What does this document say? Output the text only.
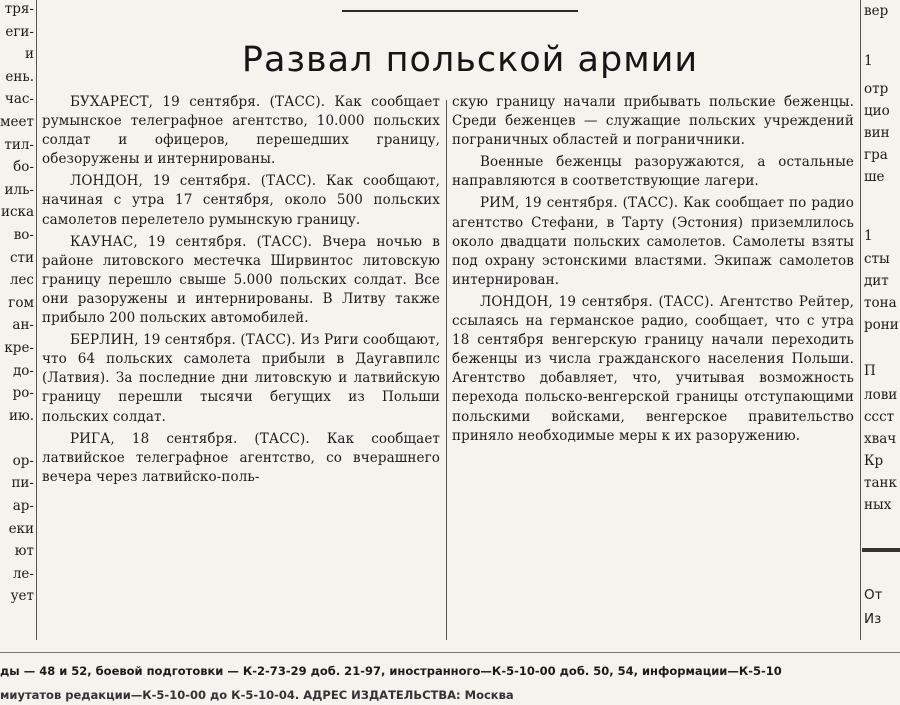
Развал польской армии
тря-
еги-
и
ень.
час-
меет
тил-
бо-
иль-
иска
во-
сти
лес
гом
ан-
кре-
до-
ро-
ию.

ор-
пи-
ар-
еки
ют
ле-
ует
вер
1
отр
цио
вин
гра
ше
1
сты
дит
тона
рони
П
лови
ссст
хвач
Кр
танк
ных
От
Из

БУХАРЕСТ, 19 сентября. (ТАСС). Как сообщает румынское телеграфное агентство, 10.000 польских солдат и офицеров, перешедших границу, обезоружены и интернированы.

ЛОНДОН, 19 сентября. (ТАСС). Как сообщают, начиная с утра 17 сентября, около 500 польских самолетов перелетело румынскую границу.

КАУНАС, 19 сентября. (ТАСС). Вчера ночью в районе литовского местечка Ширвинтос литовскую границу перешло свыше 5.000 польских солдат. Все они разоружены и интернированы. В Литву также прибыло 200 польских автомобилей.

БЕРЛИН, 19 сентября. (ТАСС). Из Риги сообщают, что 64 польских самолета прибыли в Даугавпилс (Латвия). За последние дни литовскую и латвийскую границу перешли тысячи бегущих из Польши польских солдат.

РИГА, 18 сентября. (ТАСС). Как сообщает латвийское телеграфное агентство, со вчерашнего вечера через латвийско-поль-

скую границу начали прибывать польские беженцы. Среди беженцев — служащие польских учреждений пограничных областей и пограничники.

Военные беженцы разоружаются, а остальные направляются в соответствующие лагери.

РИМ, 19 сентября. (ТАСС). Как сообщает по радио агентство Стефани, в Тарту (Эстония) приземлилось около двадцати польских самолетов. Самолеты взяты под охрану эстонскими властями. Экипаж самолетов интернирован.

ЛОНДОН, 19 сентября. (ТАСС). Агентство Рейтер, ссылаясь на германское радио, сообщает, что с утра 18 сентября венгерскую границу начали переходить беженцы из числа гражданского населения Польши. Агентство добавляет, что, учитывая возможность перехода польско-венгерской границы отступающими польскими войсками, венгерское правительство приняло необходимые меры к их разоружению.

ды — 48 и 52, боевой подготовки — К-2-73-29 доб. 21-97, иностранного—К-5-10-00 доб. 50, 54, информации—К-5-10
миутатов редакции—К-5-10-00 до К-5-10-04. АДРЕС ИЗДАТЕЛЬСТВА: Москва
